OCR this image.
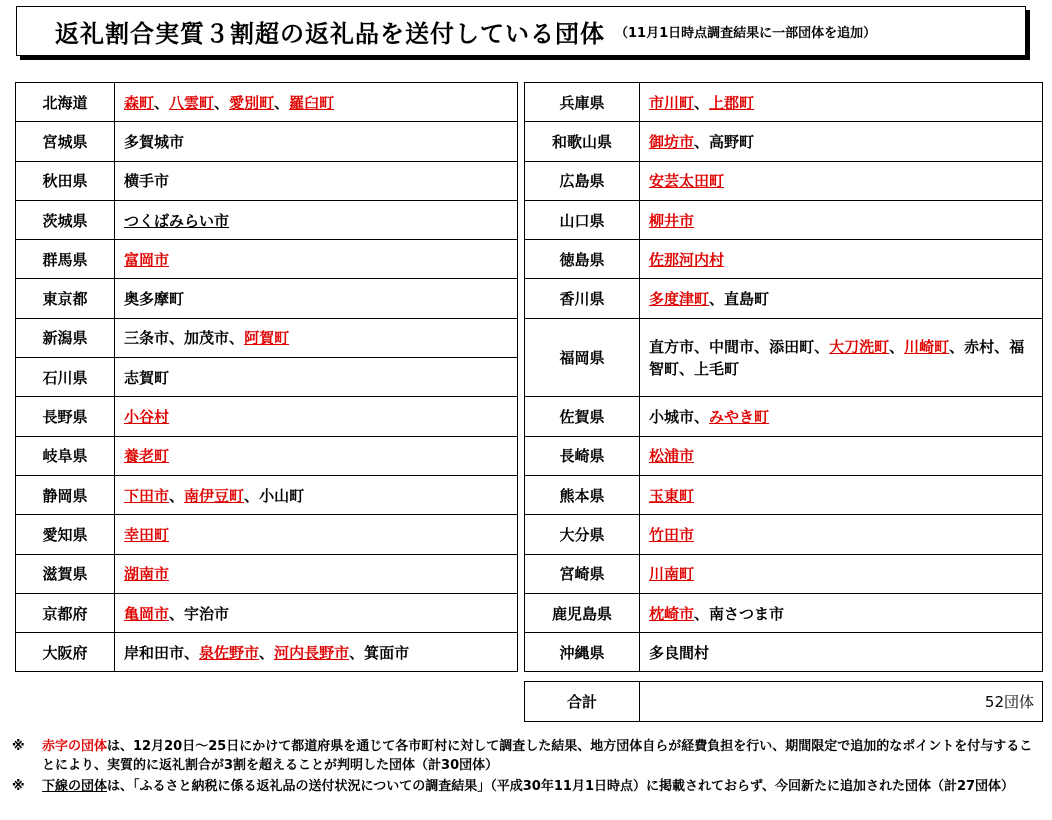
返礼割合実質３割超の返礼品を送付している団体 （11月1日時点調査結果に一部団体を追加）
北海道	森町、八雲町、愛別町、羅臼町
宮城県	多賀城市
秋田県	横手市
茨城県	つくばみらい市
群馬県	富岡市
東京都	奥多摩町
新潟県	三条市、加茂市、阿賀町
石川県	志賀町
長野県	小谷村
岐阜県	養老町
静岡県	下田市、南伊豆町、小山町
愛知県	幸田町
滋賀県	湖南市
京都府	亀岡市、宇治市
大阪府	岸和田市、泉佐野市、河内長野市、箕面市
兵庫県	市川町、上郡町
和歌山県	御坊市、高野町
広島県	安芸太田町
山口県	柳井市
徳島県	佐那河内村
香川県	多度津町、直島町
福岡県	直方市、中間市、添田町、大刀洗町、川崎町、赤村、福智町、上毛町
佐賀県	小城市、みやき町
長崎県	松浦市
熊本県	玉東町
大分県	竹田市
宮崎県	川南町
鹿児島県	枕崎市、南さつま市
沖縄県	多良間村

合計	52団体
※	赤字の団体は、12月20日～25日にかけて都道府県を通じて各市町村に対して調査した結果、地方団体自らが経費負担を行い、期間限定で追加的なポイントを付与することにより、実質的に返礼割合が3割を超えることが判明した団体（計30団体）
※	下線の団体は、「ふるさと納税に係る返礼品の送付状況についての調査結果」（平成30年11月1日時点）に掲載されておらず、今回新たに追加された団体（計27団体）
